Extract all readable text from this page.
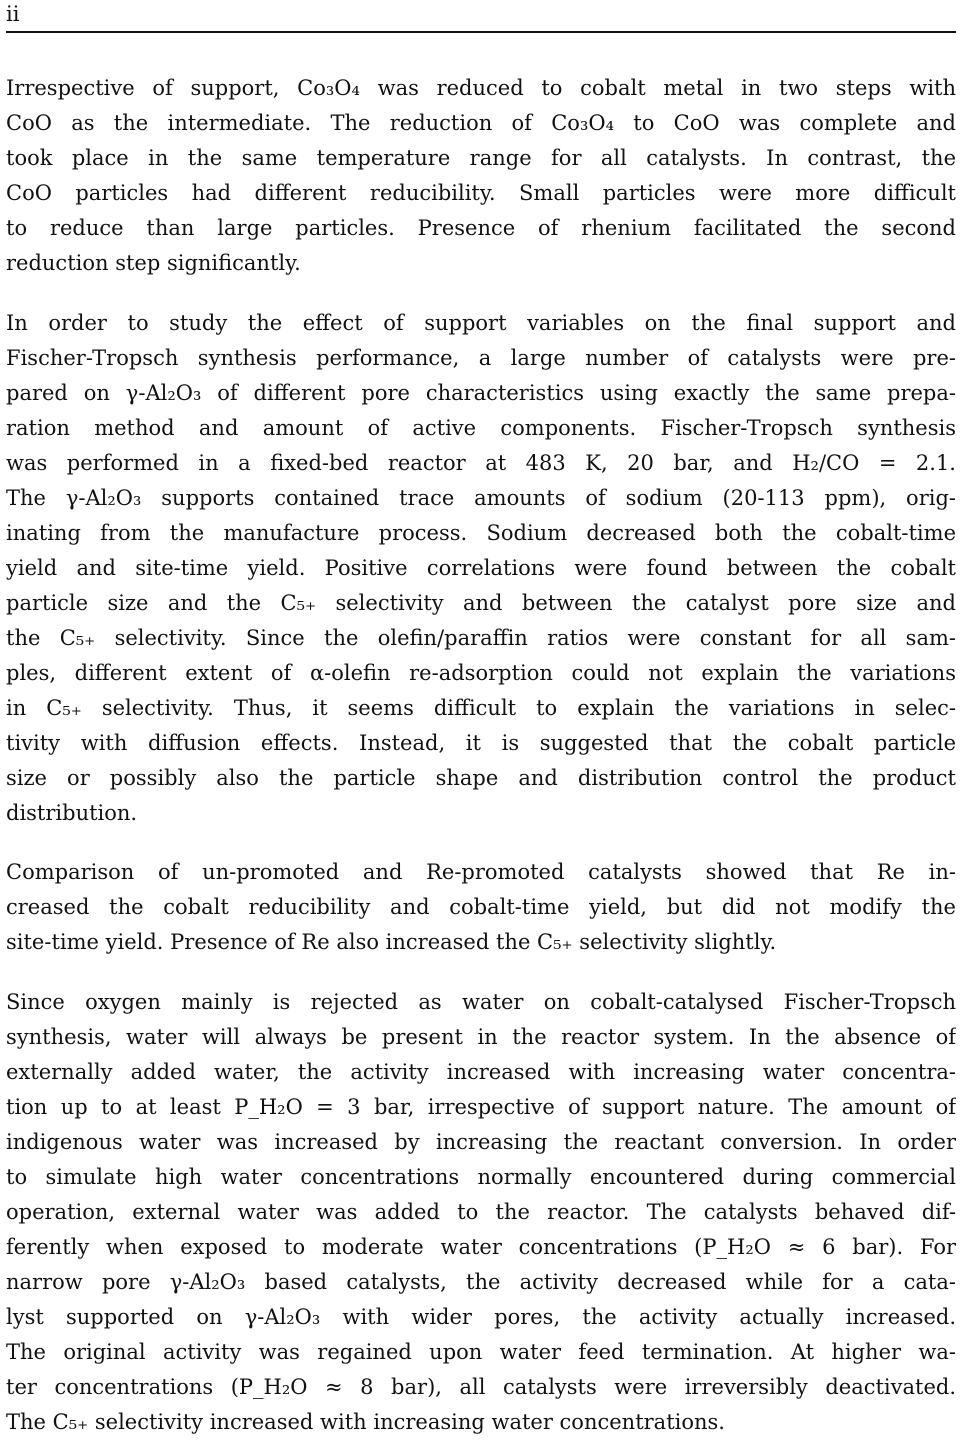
ii
Irrespective of support, Co₃O₄ was reduced to cobalt metal in two steps with
CoO as the intermediate. The reduction of Co₃O₄ to CoO was complete and
took place in the same temperature range for all catalysts. In contrast, the
CoO particles had different reducibility. Small particles were more difficult
to reduce than large particles. Presence of rhenium facilitated the second
reduction step significantly.
In order to study the effect of support variables on the final support and
Fischer-Tropsch synthesis performance, a large number of catalysts were pre-
pared on γ-Al₂O₃ of different pore characteristics using exactly the same prepa-
ration method and amount of active components. Fischer-Tropsch synthesis
was performed in a fixed-bed reactor at 483 K, 20 bar, and H₂/CO = 2.1.
The γ-Al₂O₃ supports contained trace amounts of sodium (20-113 ppm), orig-
inating from the manufacture process. Sodium decreased both the cobalt-time
yield and site-time yield. Positive correlations were found between the cobalt
particle size and the C₅₊ selectivity and between the catalyst pore size and
the C₅₊ selectivity. Since the olefin/paraffin ratios were constant for all sam-
ples, different extent of α-olefin re-adsorption could not explain the variations
in C₅₊ selectivity. Thus, it seems difficult to explain the variations in selec-
tivity with diffusion effects. Instead, it is suggested that the cobalt particle
size or possibly also the particle shape and distribution control the product
distribution.
Comparison of un-promoted and Re-promoted catalysts showed that Re in-
creased the cobalt reducibility and cobalt-time yield, but did not modify the
site-time yield. Presence of Re also increased the C₅₊ selectivity slightly.
Since oxygen mainly is rejected as water on cobalt-catalysed Fischer-Tropsch
synthesis, water will always be present in the reactor system. In the absence of
externally added water, the activity increased with increasing water concentra-
tion up to at least P_H₂O = 3 bar, irrespective of support nature. The amount of
indigenous water was increased by increasing the reactant conversion. In order
to simulate high water concentrations normally encountered during commercial
operation, external water was added to the reactor. The catalysts behaved dif-
ferently when exposed to moderate water concentrations (P_H₂O ≈ 6 bar). For
narrow pore γ-Al₂O₃ based catalysts, the activity decreased while for a cata-
lyst supported on γ-Al₂O₃ with wider pores, the activity actually increased.
The original activity was regained upon water feed termination. At higher wa-
ter concentrations (P_H₂O ≈ 8 bar), all catalysts were irreversibly deactivated.
The C₅₊ selectivity increased with increasing water concentrations.
